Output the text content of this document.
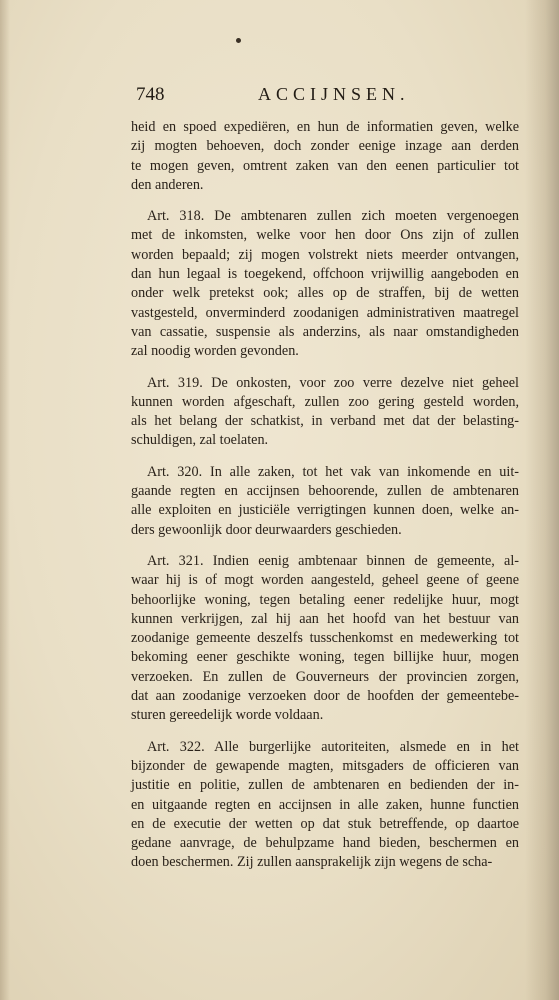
748	ACCIJNSEN.
heid en spoed expediëren, en hun de informatien geven, welke
zij mogten behoeven, doch zonder eenige inzage aan derden
te mogen geven, omtrent zaken van den eenen particulier tot
den anderen.
Art. 318. De ambtenaren zullen zich moeten vergenoegen
met de inkomsten, welke voor hen door Ons zijn of zullen
worden bepaald; zij mogen volstrekt niets meerder ontvangen,
dan hun legaal is toegekend, offchoon vrijwillig aangeboden en
onder welk pretekst ook; alles op de straffen, bij de wetten
vastgesteld, onverminderd zoodanigen administrativen maatregel
van cassatie, suspensie als anderzins, als naar omstandigheden
zal noodig worden gevonden.
Art. 319. De onkosten, voor zoo verre dezelve niet geheel
kunnen worden afgeschaft, zullen zoo gering gesteld worden,
als het belang der schatkist, in verband met dat der belasting-
schuldigen, zal toelaten.
Art. 320. In alle zaken, tot het vak van inkomende en uit-
gaande regten en accijnsen behoorende, zullen de ambtenaren
alle exploiten en justiciële verrigtingen kunnen doen, welke an-
ders gewoonlijk door deurwaarders geschieden.
Art. 321. Indien eenig ambtenaar binnen de gemeente, al-
waar hij is of mogt worden aangesteld, geheel geene of geene
behoorlijke woning, tegen betaling eener redelijke huur, mogt
kunnen verkrijgen, zal hij aan het hoofd van het bestuur van
zoodanige gemeente deszelfs tusschenkomst en medewerking tot
bekoming eener geschikte woning, tegen billijke huur, mogen
verzoeken. En zullen de Gouverneurs der provincien zorgen,
dat aan zoodanige verzoeken door de hoofden der gemeentebe-
sturen gereedelijk worde voldaan.
Art. 322. Alle burgerlijke autoriteiten, alsmede en in het
bijzonder de gewapende magten, mitsgaders de officieren van
justitie en politie, zullen de ambtenaren en bedienden der in-
en uitgaande regten en accijnsen in alle zaken, hunne functien
en de executie der wetten op dat stuk betreffende, op daartoe
gedane aanvrage, de behulpzame hand bieden, beschermen en
doen beschermen. Zij zullen aansprakelijk zijn wegens de scha-
